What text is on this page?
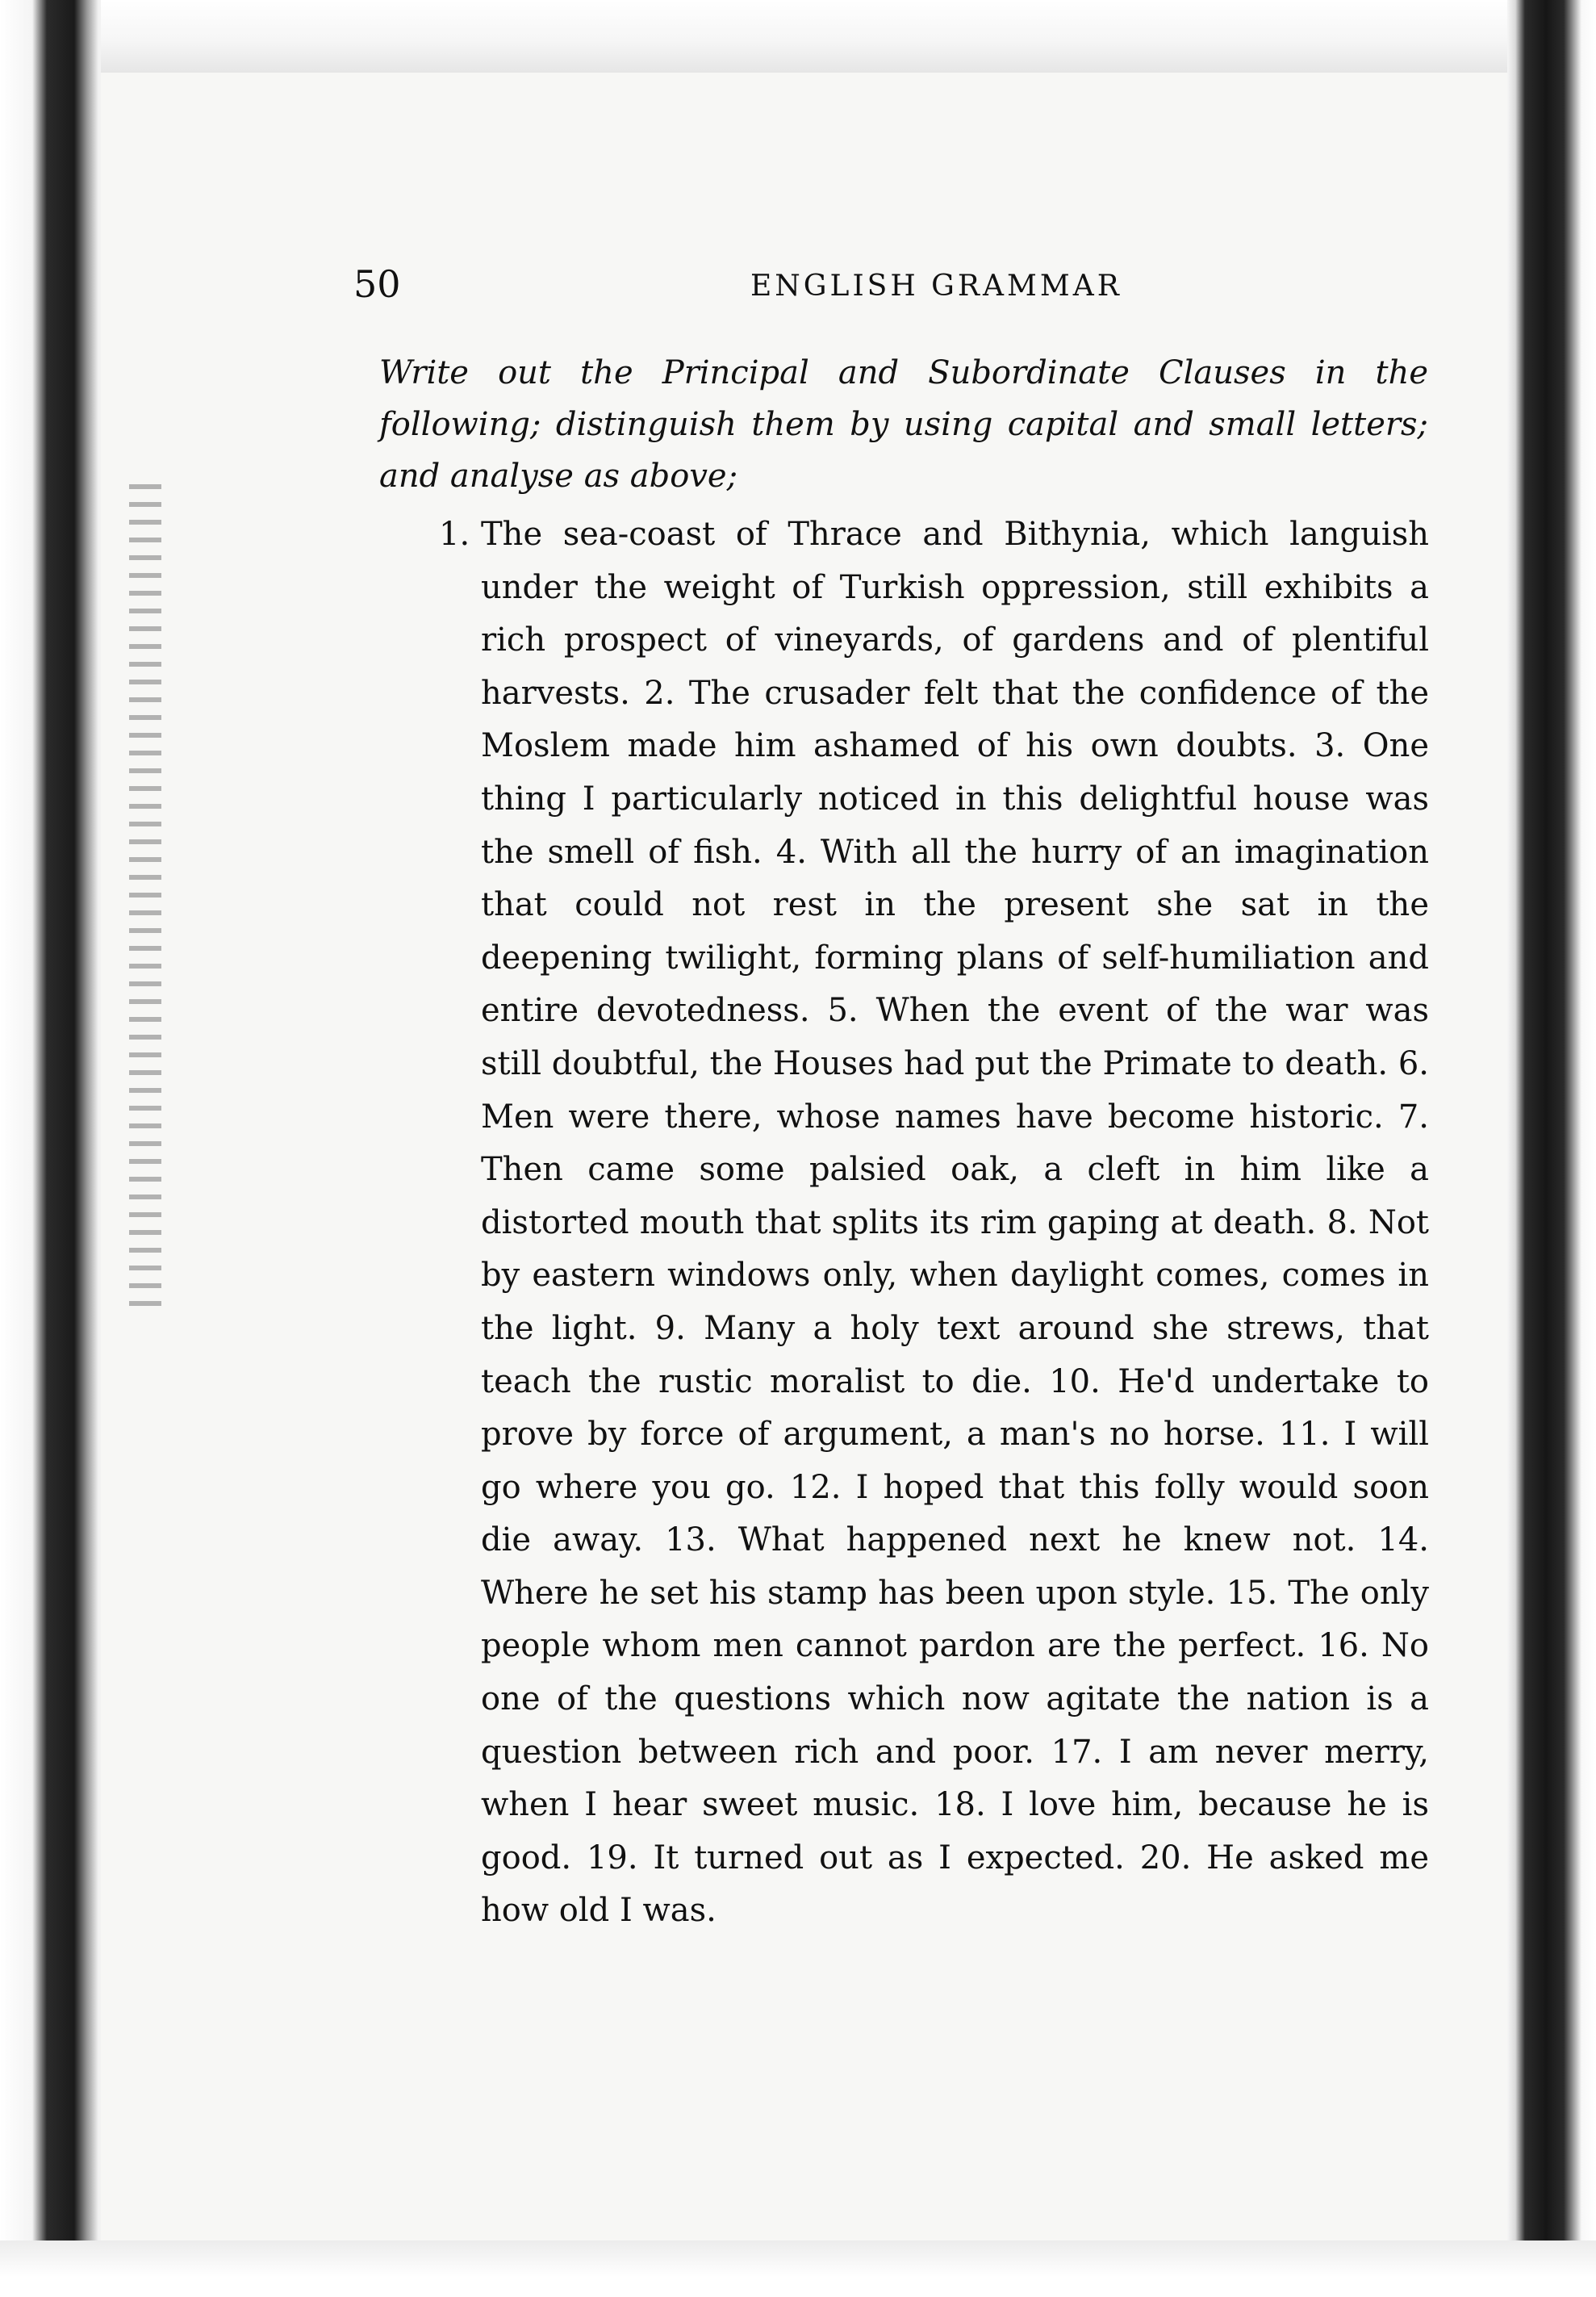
50	ENGLISH GRAMMAR
Write out the Principal and Subordinate Clauses in the following; distinguish them by using capital and small letters; and analyse as above;
1. The sea-coast of Thrace and Bithynia, which languish under the weight of Turkish oppression, still exhibits a rich prospect of vineyards, of gardens and of plentiful harvests. 2. The crusader felt that the confidence of the Moslem made him ashamed of his own doubts. 3. One thing I particularly noticed in this delightful house was the smell of fish. 4. With all the hurry of an imagination that could not rest in the present she sat in the deepening twilight, forming plans of self-humiliation and entire devotedness. 5. When the event of the war was still doubtful, the Houses had put the Primate to death. 6. Men were there, whose names have become historic. 7. Then came some palsied oak, a cleft in him like a distorted mouth that splits its rim gaping at death. 8. Not by eastern windows only, when daylight comes, comes in the light. 9. Many a holy text around she strews, that teach the rustic moralist to die. 10. He'd undertake to prove by force of argument, a man's no horse. 11. I will go where you go. 12. I hoped that this folly would soon die away. 13. What happened next he knew not. 14. Where he set his stamp has been upon style. 15. The only people whom men cannot pardon are the perfect. 16. No one of the questions which now agitate the nation is a question between rich and poor. 17. I am never merry, when I hear sweet music. 18. I love him, because he is good. 19. It turned out as I expected. 20. He asked me how old I was.
